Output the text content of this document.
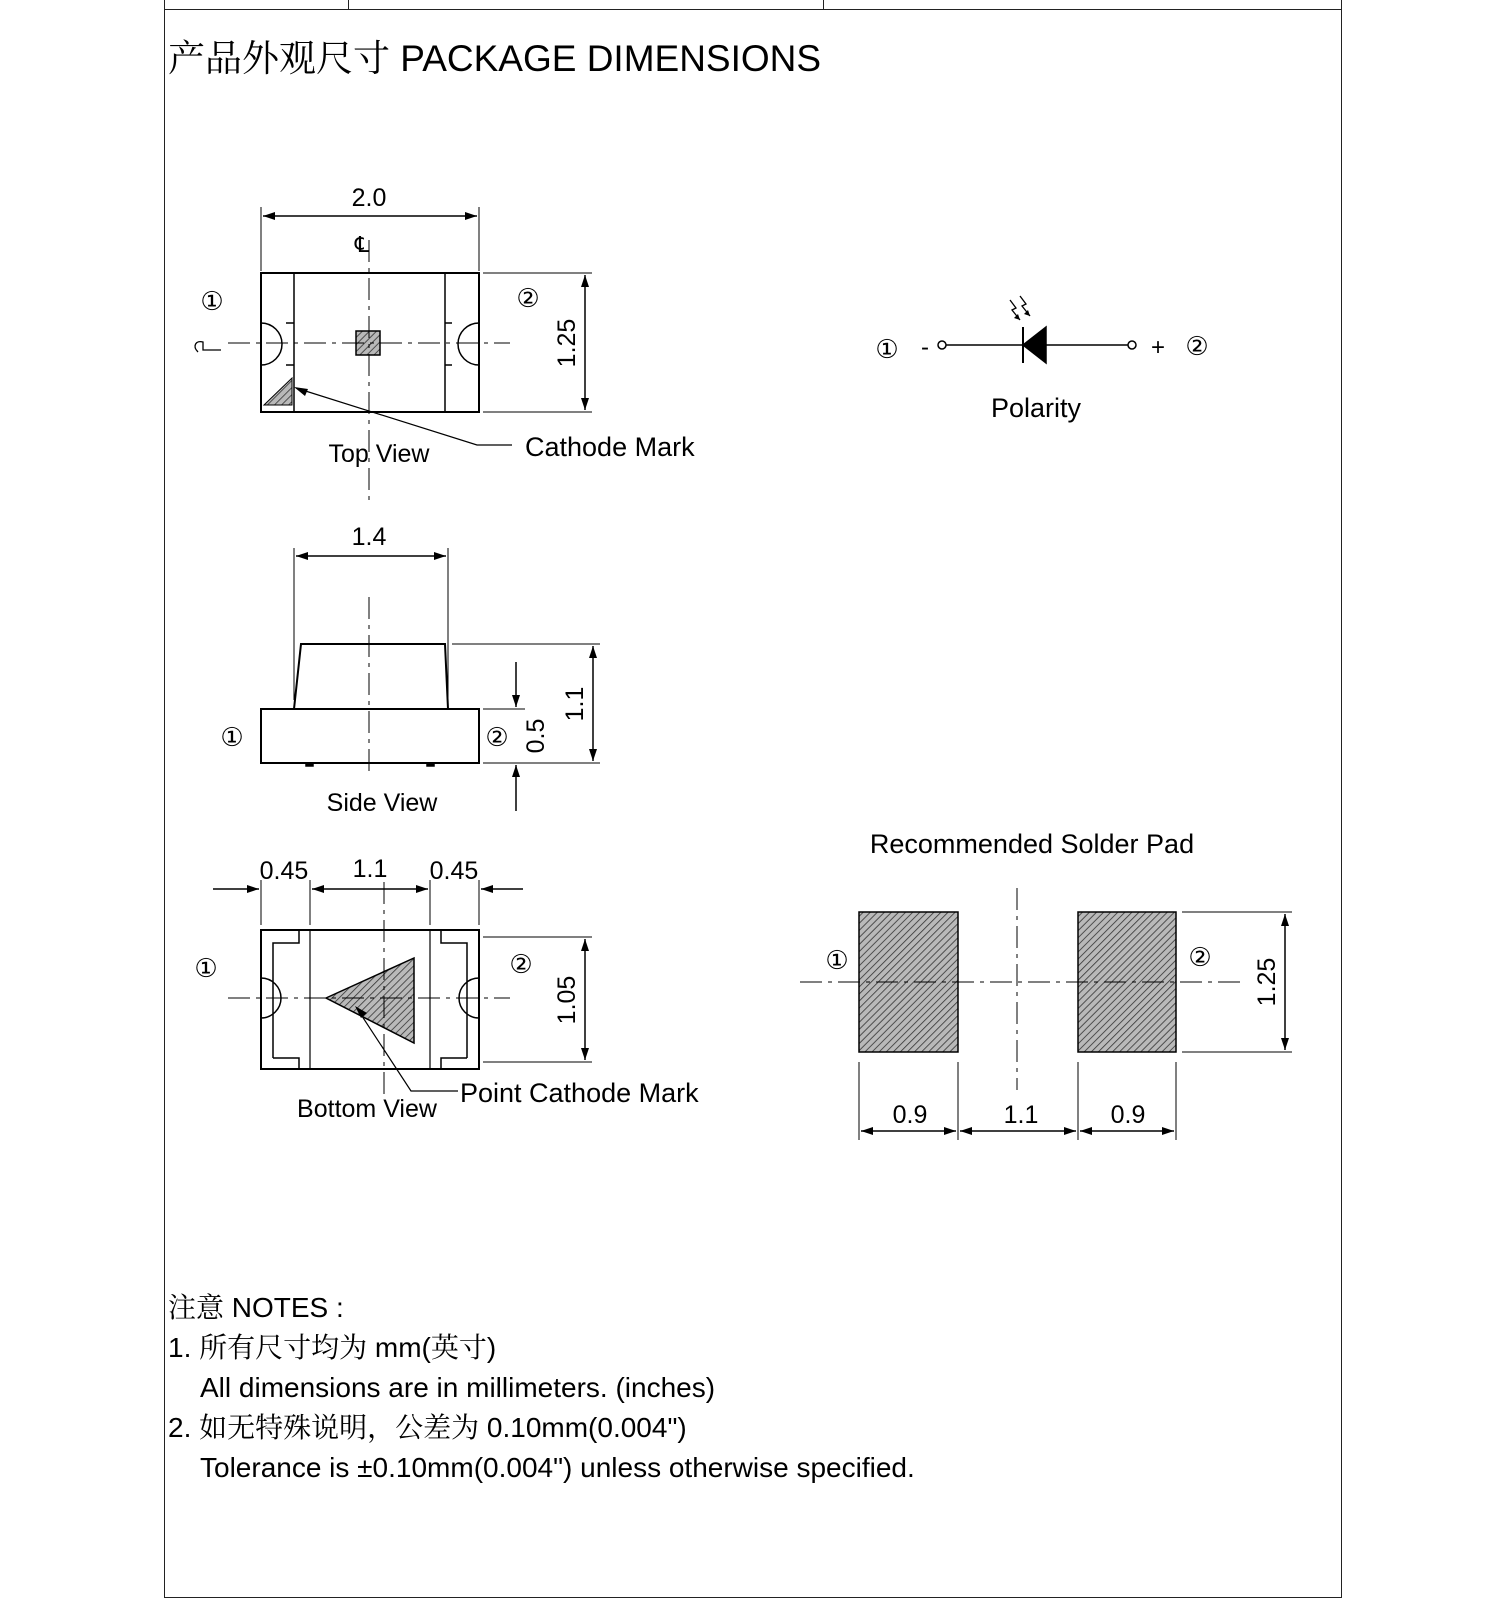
产品外观尺寸 PACKAGE DIMENSIONS
2.0
℄
1.25
①	②
Top View	Cathode Mark
1.4
1.1
0.5
①	②
Side View
0.45 1.1 0.45
1.05
①	②
Bottom View
Point Cathode Mark
① -	+ ②
Polarity
Recommended Solder Pad
①	②
0.9	1.1	0.9
1.25
注意 NOTES :
1. 所有尺寸均为 mm(英寸)
All dimensions are in millimeters. (inches)
2. 如无特殊说明，公差为 0.10mm(0.004")
Tolerance is ±0.10mm(0.004") unless otherwise specified.
